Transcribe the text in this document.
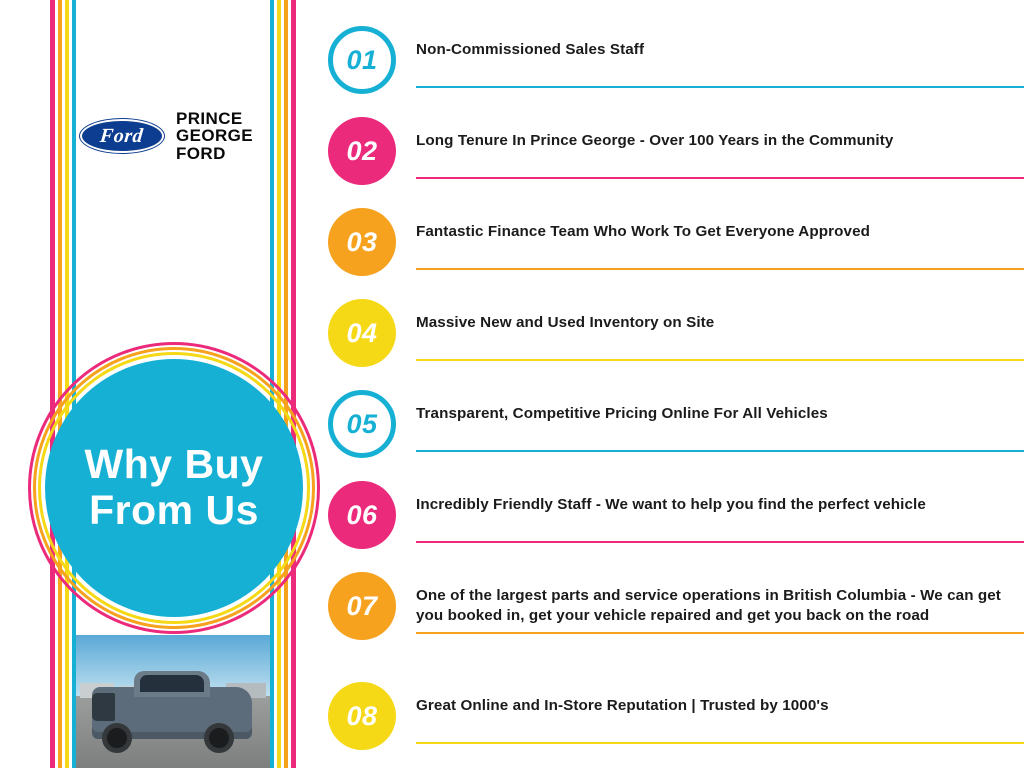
Ford
PRINCE
GEORGE
FORD
Why Buy
From Us
01	Non-Commissioned Sales Staff
02	Long Tenure In Prince George - Over 100 Years in the Community
03	Fantastic Finance Team Who Work To Get Everyone Approved
04	Massive New and Used Inventory on Site
05	Transparent, Competitive Pricing Online For All Vehicles
06	Incredibly Friendly Staff - We want to help you find the perfect vehicle
07	One of the largest parts and service operations in British Columbia - We can get you booked in, get your vehicle repaired and get you back on the road
08	Great Online and In-Store Reputation | Trusted by 1000's
